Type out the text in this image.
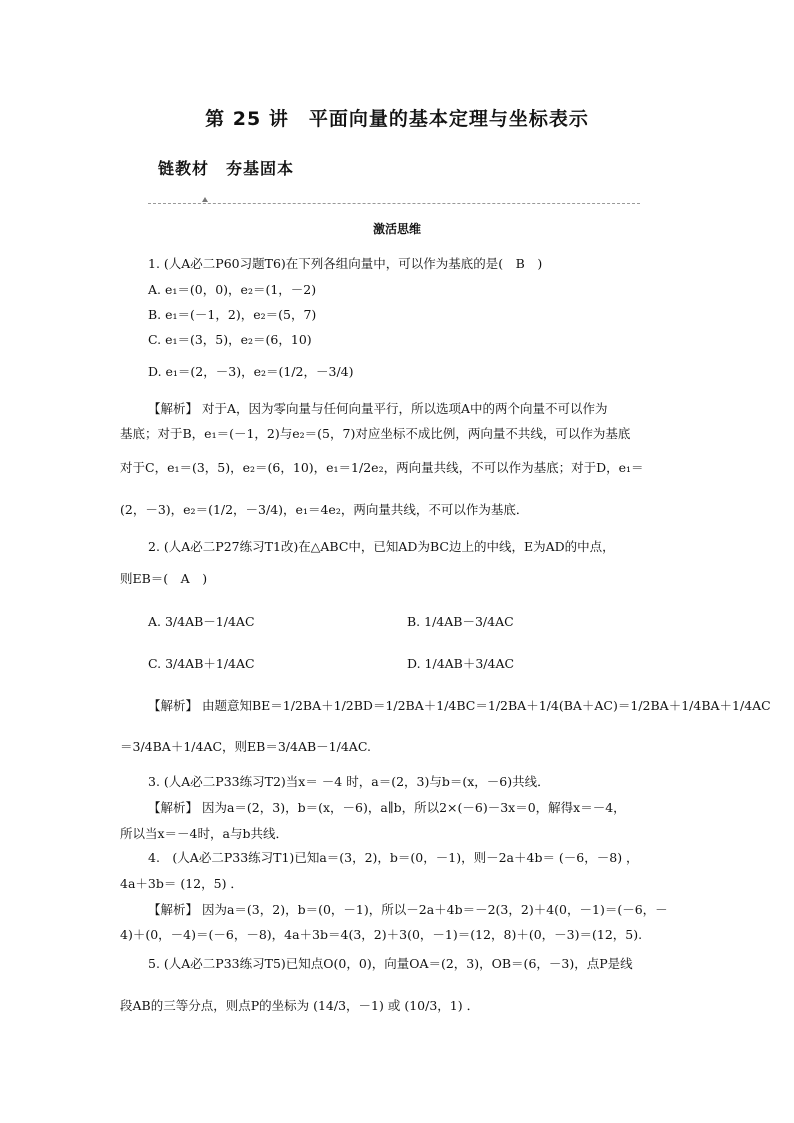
第 25 讲　平面向量的基本定理与坐标表示
链教材　夯基固本
激活思维
1. (人A必二P60习题T6)在下列各组向量中，可以作为基底的是(　B　)
A. e₁＝(0，0)，e₂＝(1，－2)
B. e₁＝(－1，2)，e₂＝(5，7)
C. e₁＝(3，5)，e₂＝(6，10)
D. e₁＝(2，－3)，e₂＝(1/2，－3/4)
【解析】 对于A，因为零向量与任何向量平行，所以选项A中的两个向量不可以作为
基底；对于B，e₁＝(－1，2)与e₂＝(5，7)对应坐标不成比例，两向量不共线，可以作为基底
对于C，e₁＝(3，5)，e₂＝(6，10)，e₁＝1/2e₂，两向量共线，不可以作为基底；对于D，e₁＝
(2，－3)，e₂＝(1/2，－3/4)，e₁＝4e₂，两向量共线，不可以作为基底．
2. (人A必二P27练习T1改)在△ABC中，已知AD为BC边上的中线，E为AD的中点，
则EB＝(　A　)
A. 3/4AB－1/4AC	B. 1/4AB－3/4AC
C. 3/4AB＋1/4AC	D. 1/4AB＋3/4AC
【解析】 由题意知BE＝1/2BA＋1/2BD＝1/2BA＋1/4BC＝1/2BA＋1/4(BA＋AC)＝1/2BA＋1/4BA＋1/4AC
＝3/4BA＋1/4AC，则EB＝3/4AB－1/4AC.
3. (人A必二P33练习T2)当x＝ －4 时，a＝(2，3)与b＝(x，－6)共线．
【解析】 因为a＝(2，3)，b＝(x，－6)，a∥b，所以2×(－6)－3x＝0，解得x＝－4，
所以当x＝－4时，a与b共线．
4.　(人A必二P33练习T1)已知a＝(3，2)，b＝(0，－1)，则－2a＋4b＝ (－6，－8) ，
4a＋3b＝ (12，5) ．
【解析】 因为a＝(3，2)，b＝(0，－1)，所以－2a＋4b＝－2(3，2)＋4(0，－1)＝(－6，－
4)＋(0，－4)＝(－6，－8)，4a＋3b＝4(3，2)＋3(0，－1)＝(12，8)＋(0，－3)＝(12，5).
5. (人A必二P33练习T5)已知点O(0，0)，向量OA＝(2，3)，OB＝(6，－3)，点P是线
段AB的三等分点，则点P的坐标为 (14/3，－1) 或 (10/3，1) ．
